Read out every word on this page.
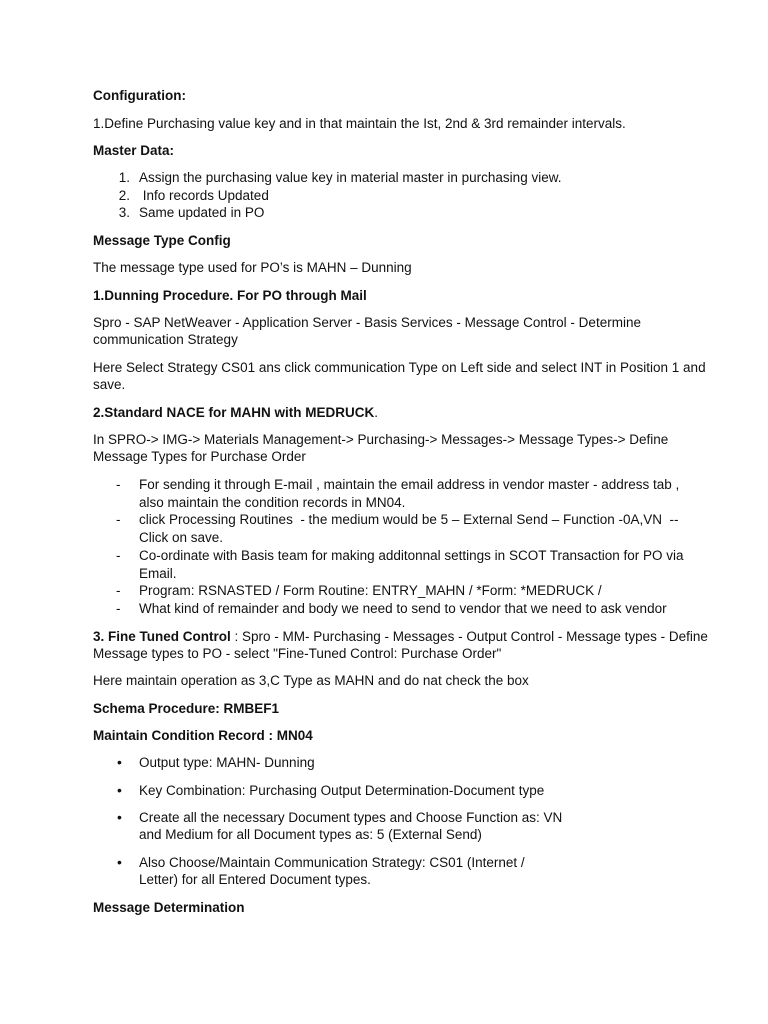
Configuration:
1.Define Purchasing value key and in that maintain the Ist, 2nd & 3rd remainder intervals.
Master Data:
1. Assign the purchasing value key in material master in purchasing view.
2. Info records Updated
3. Same updated in PO
Message Type Config
The message type used for PO’s is MAHN – Dunning
1.Dunning Procedure. For PO through Mail
Spro - SAP NetWeaver - Application Server - Basis Services - Message Control - Determine
communication Strategy
Here Select Strategy CS01 ans click communication Type on Left side and select INT in Position 1 and
save.
2.Standard NACE for MAHN with MEDRUCK.
In SPRO-> IMG-> Materials Management-> Purchasing-> Messages-> Message Types-> Define
Message Types for Purchase Order
- For sending it through E-mail , maintain the email address in vendor master - address tab ,
also maintain the condition records in MN04.
- click Processing Routines  - the medium would be 5 – External Send – Function -0A,VN  --
Click on save.
- Co-ordinate with Basis team for making additonnal settings in SCOT Transaction for PO via
Email.
- Program: RSNASTED / Form Routine: ENTRY_MAHN / *Form: *MEDRUCK /
- What kind of remainder and body we need to send to vendor that we need to ask vendor
3. Fine Tuned Control : Spro - MM- Purchasing - Messages - Output Control - Message types - Define
Message types to PO - select "Fine-Tuned Control: Purchase Order"
Here maintain operation as 3,C Type as MAHN and do nat check the box
Schema Procedure: RMBEF1
Maintain Condition Record : MN04
• Output type: MAHN- Dunning
• Key Combination: Purchasing Output Determination-Document type
• Create all the necessary Document types and Choose Function as: VN
and Medium for all Document types as: 5 (External Send)
• Also Choose/Maintain Communication Strategy: CS01 (Internet /
Letter) for all Entered Document types.
Message Determination
